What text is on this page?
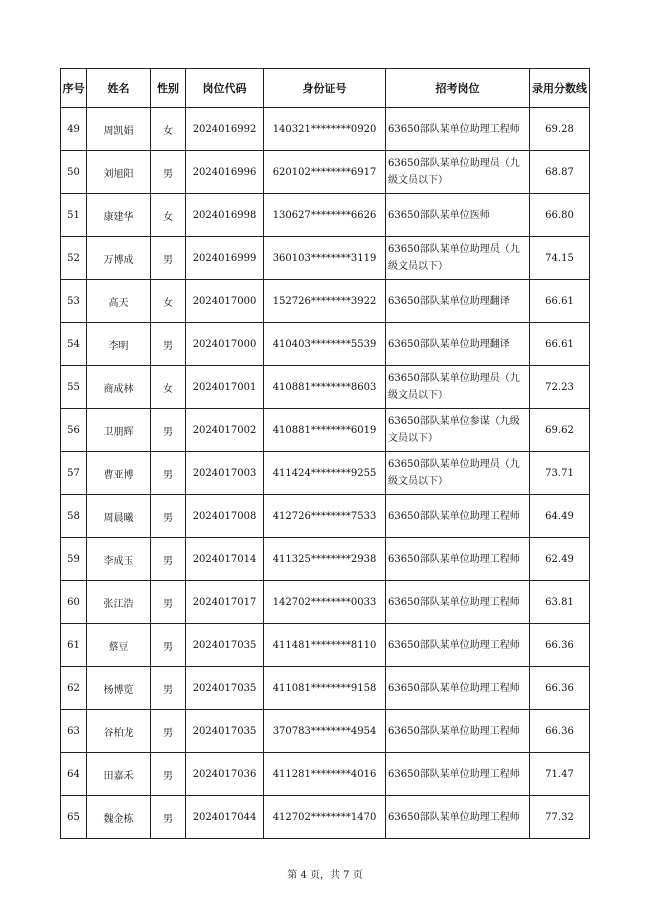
序号	姓名	性别	岗位代码	身份证号	招考岗位	录用分数线
49	周凯娟	女	2024016992	140321********0920	63650部队某单位助理工程师	69.28
50	刘旭阳	男	2024016996	620102********6917	63650部队某单位助理员（九级文员以下）	68.87
51	康建华	女	2024016998	130627********6626	63650部队某单位医师	66.80
52	万博成	男	2024016999	360103********3119	63650部队某单位助理员（九级文员以下）	74.15
53	高天	女	2024017000	152726********3922	63650部队某单位助理翻译	66.61
54	李明	男	2024017000	410403********5539	63650部队某单位助理翻译	66.61
55	商成林	女	2024017001	410881********8603	63650部队某单位助理员（九级文员以下）	72.23
56	卫朋辉	男	2024017002	410881********6019	63650部队某单位参谋（九级文员以下）	69.62
57	曹亚博	男	2024017003	411424********9255	63650部队某单位助理员（九级文员以下）	73.71
58	周晨曦	男	2024017008	412726********7533	63650部队某单位助理工程师	64.49
59	李成玉	男	2024017014	411325********2938	63650部队某单位助理工程师	62.49
60	张江浩	男	2024017017	142702********0033	63650部队某单位助理工程师	63.81
61	蔡豆	男	2024017035	411481********8110	63650部队某单位助理工程师	66.36
62	杨博览	男	2024017035	411081********9158	63650部队某单位助理工程师	66.36
63	谷柏龙	男	2024017035	370783********4954	63650部队某单位助理工程师	66.36
64	田嘉禾	男	2024017036	411281********4016	63650部队某单位助理工程师	71.47
65	魏金栋	男	2024017044	412702********1470	63650部队某单位助理工程师	77.32
第 4 页，共 7 页
